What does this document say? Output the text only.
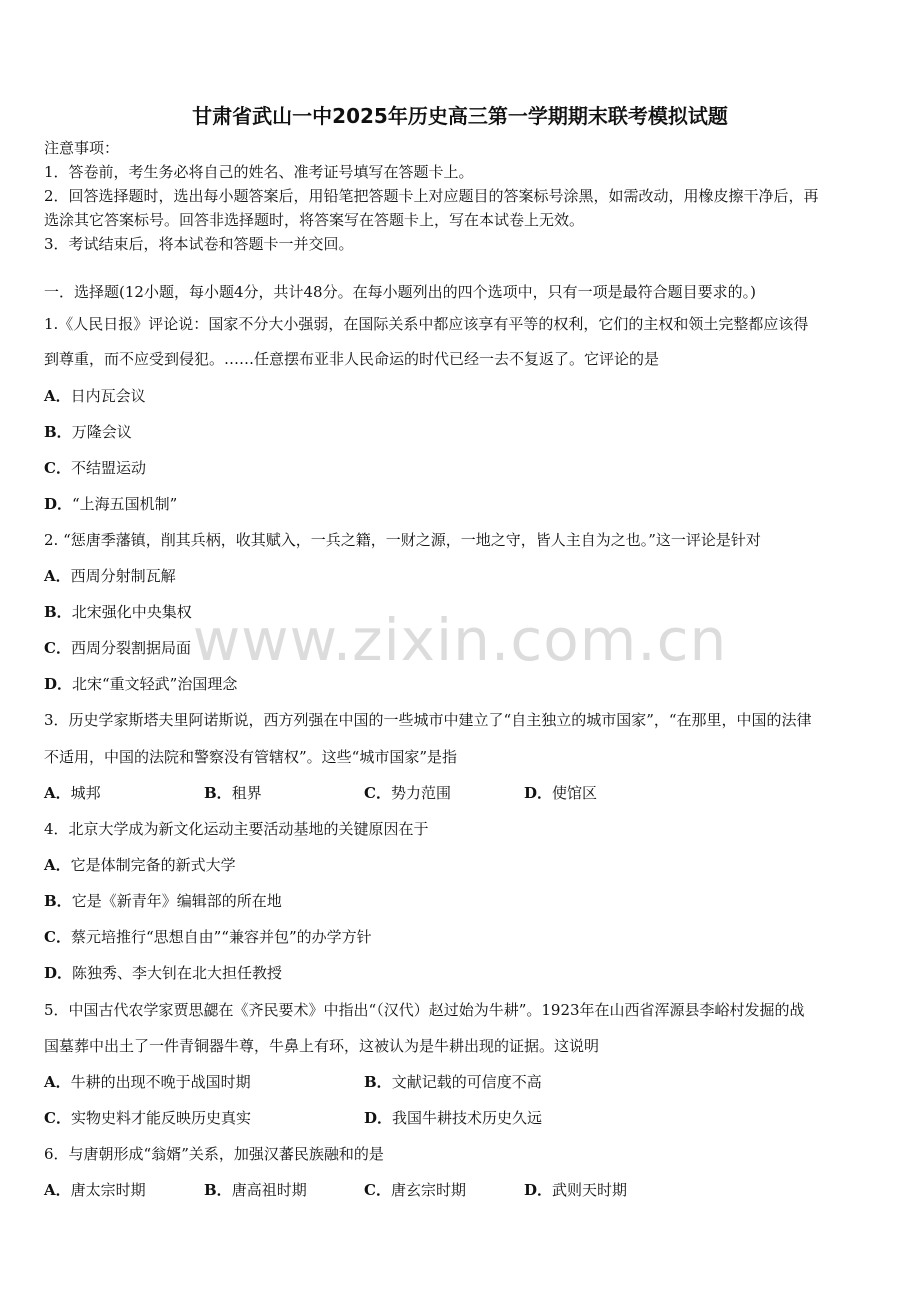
甘肃省武山一中2025年历史高三第一学期期末联考模拟试题
注意事项：
1．答卷前，考生务必将自己的姓名、准考证号填写在答题卡上。
2．回答选择题时，选出每小题答案后，用铅笔把答题卡上对应题目的答案标号涂黑，如需改动，用橡皮擦干净后，再
选涂其它答案标号。回答非选择题时，将答案写在答题卡上，写在本试卷上无效。
3．考试结束后，将本试卷和答题卡一并交回。
一．选择题(12小题，每小题4分，共计48分。在每小题列出的四个选项中，只有一项是最符合题目要求的。)
1.《人民日报》评论说：国家不分大小强弱，在国际关系中都应该享有平等的权利，它们的主权和领土完整都应该得
到尊重，而不应受到侵犯。……任意摆布亚非人民命运的时代已经一去不复返了。它评论的是
A．日内瓦会议
B．万隆会议
C．不结盟运动
D．“上海五国机制”
2. “惩唐季藩镇，削其兵柄，收其赋入，一兵之籍，一财之源，一地之守，皆人主自为之也。”这一评论是针对
A．西周分射制瓦解
B．北宋强化中央集权
C．西周分裂割据局面
D．北宋“重文轻武”治国理念
3．历史学家斯塔夫里阿诺斯说，西方列强在中国的一些城市中建立了“自主独立的城市国家”，“在那里，中国的法律
不适用，中国的法院和警察没有管辖权”。这些“城市国家”是指
A．城邦	B．租界	C．势力范围	D．使馆区
4．北京大学成为新文化运动主要活动基地的关键原因在于
A．它是体制完备的新式大学
B．它是《新青年》编辑部的所在地
C．蔡元培推行“思想自由”“兼容并包”的办学方针
D．陈独秀、李大钊在北大担任教授
5．中国古代农学家贾思勰在《齐民要术》中指出“（汉代）赵过始为牛耕”。1923年在山西省浑源县李峪村发掘的战
国墓葬中出土了一件青铜器牛尊，牛鼻上有环，这被认为是牛耕出现的证据。这说明
A．牛耕的出现不晚于战国时期	B．文献记载的可信度不高
C．实物史料才能反映历史真实	D．我国牛耕技术历史久远
6．与唐朝形成“翁婿”关系，加强汉蕃民族融和的是
A．唐太宗时期	B．唐高祖时期	C．唐玄宗时期	D．武则天时期
www.zixin.com.cn
